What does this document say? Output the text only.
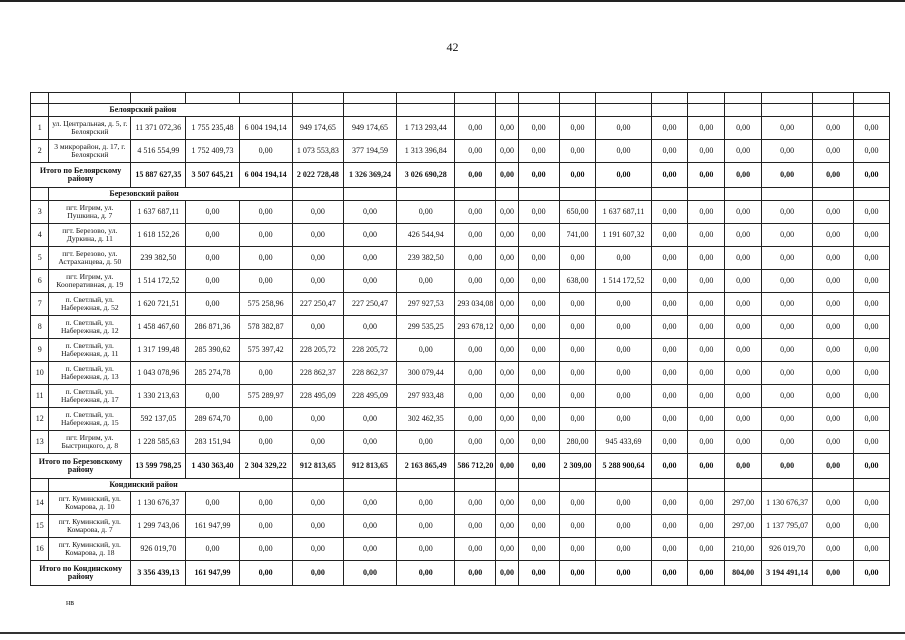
42

	Белоярский район																	
1	ул. Центральная, д. 5, г. Белоярский	11 371 072,36	1 755 235,48	6 004 194,14	949 174,65	949 174,65	1 713 293,44	0,00	0,00	0,00	0,00	0,00	0,00	0,00	0,00	0,00	0,00	0,00
2	3 микрорайон, д. 17, г. Белоярский	4 516 554,99	1 752 409,73	0,00	1 073 553,83	377 194,59	1 313 396,84	0,00	0,00	0,00	0,00	0,00	0,00	0,00	0,00	0,00	0,00	0,00
Итого по Белоярскому району		15 887 627,35	3 507 645,21	6 004 194,14	2 022 728,48	1 326 369,24	3 026 690,28	0,00	0,00	0,00	0,00	0,00	0,00	0,00	0,00	0,00	0,00	0,00
	Березовский район																	
3	пгт. Игрим, ул. Пушкина, д. 7	1 637 687,11	0,00	0,00	0,00	0,00	0,00	0,00	0,00	0,00	650,00	1 637 687,11	0,00	0,00	0,00	0,00	0,00	0,00
4	пгт. Березово, ул. Дуркина, д. 11	1 618 152,26	0,00	0,00	0,00	0,00	426 544,94	0,00	0,00	0,00	741,00	1 191 607,32	0,00	0,00	0,00	0,00	0,00	0,00
5	пгт. Березово, ул. Астраханцева, д. 50	239 382,50	0,00	0,00	0,00	0,00	239 382,50	0,00	0,00	0,00	0,00	0,00	0,00	0,00	0,00	0,00	0,00	0,00
6	пгт. Игрим, ул. Кооперативная, д. 19	1 514 172,52	0,00	0,00	0,00	0,00	0,00	0,00	0,00	0,00	638,00	1 514 172,52	0,00	0,00	0,00	0,00	0,00	0,00
7	п. Светлый, ул. Набережная, д. 52	1 620 721,51	0,00	575 258,96	227 250,47	227 250,47	297 927,53	293 034,08	0,00	0,00	0,00	0,00	0,00	0,00	0,00	0,00	0,00	0,00
8	п. Светлый, ул. Набережная, д. 12	1 458 467,60	286 871,36	578 382,87	0,00	0,00	299 535,25	293 678,12	0,00	0,00	0,00	0,00	0,00	0,00	0,00	0,00	0,00	0,00
9	п. Светлый, ул. Набережная, д. 11	1 317 199,48	285 390,62	575 397,42	228 205,72	228 205,72	0,00	0,00	0,00	0,00	0,00	0,00	0,00	0,00	0,00	0,00	0,00	0,00
10	п. Светлый, ул. Набережная, д. 13	1 043 078,96	285 274,78	0,00	228 862,37	228 862,37	300 079,44	0,00	0,00	0,00	0,00	0,00	0,00	0,00	0,00	0,00	0,00	0,00
11	п. Светлый, ул. Набережная, д. 17	1 330 213,63	0,00	575 289,97	228 495,09	228 495,09	297 933,48	0,00	0,00	0,00	0,00	0,00	0,00	0,00	0,00	0,00	0,00	0,00
12	п. Светлый, ул. Набережная, д. 15	592 137,05	289 674,70	0,00	0,00	0,00	302 462,35	0,00	0,00	0,00	0,00	0,00	0,00	0,00	0,00	0,00	0,00	0,00
13	пгт. Игрим, ул. Быстрицкого, д. 8	1 228 585,63	283 151,94	0,00	0,00	0,00	0,00	0,00	0,00	0,00	280,00	945 433,69	0,00	0,00	0,00	0,00	0,00	0,00
Итого по Березовскому району		13 599 798,25	1 430 363,40	2 304 329,22	912 813,65	912 813,65	2 163 865,49	586 712,20	0,00	0,00	2 309,00	5 288 900,64	0,00	0,00	0,00	0,00	0,00	0,00
	Кондинский район																	
14	пгт. Куминский, ул. Комарова, д. 10	1 130 676,37	0,00	0,00	0,00	0,00	0,00	0,00	0,00	0,00	0,00	0,00	0,00	0,00	297,00	1 130 676,37	0,00	0,00
15	пгт. Куминский, ул. Комарова, д. 7	1 299 743,06	161 947,99	0,00	0,00	0,00	0,00	0,00	0,00	0,00	0,00	0,00	0,00	0,00	297,00	1 137 795,07	0,00	0,00
16	пгт. Куминский, ул. Комарова, д. 18	926 019,70	0,00	0,00	0,00	0,00	0,00	0,00	0,00	0,00	0,00	0,00	0,00	0,00	210,00	926 019,70	0,00	0,00
Итого по Кондинскому району		3 356 439,13	161 947,99	0,00	0,00	0,00	0,00	0,00	0,00	0,00	0,00	0,00	0,00	0,00	804,00	3 194 491,14	0,00	0,00
нв
